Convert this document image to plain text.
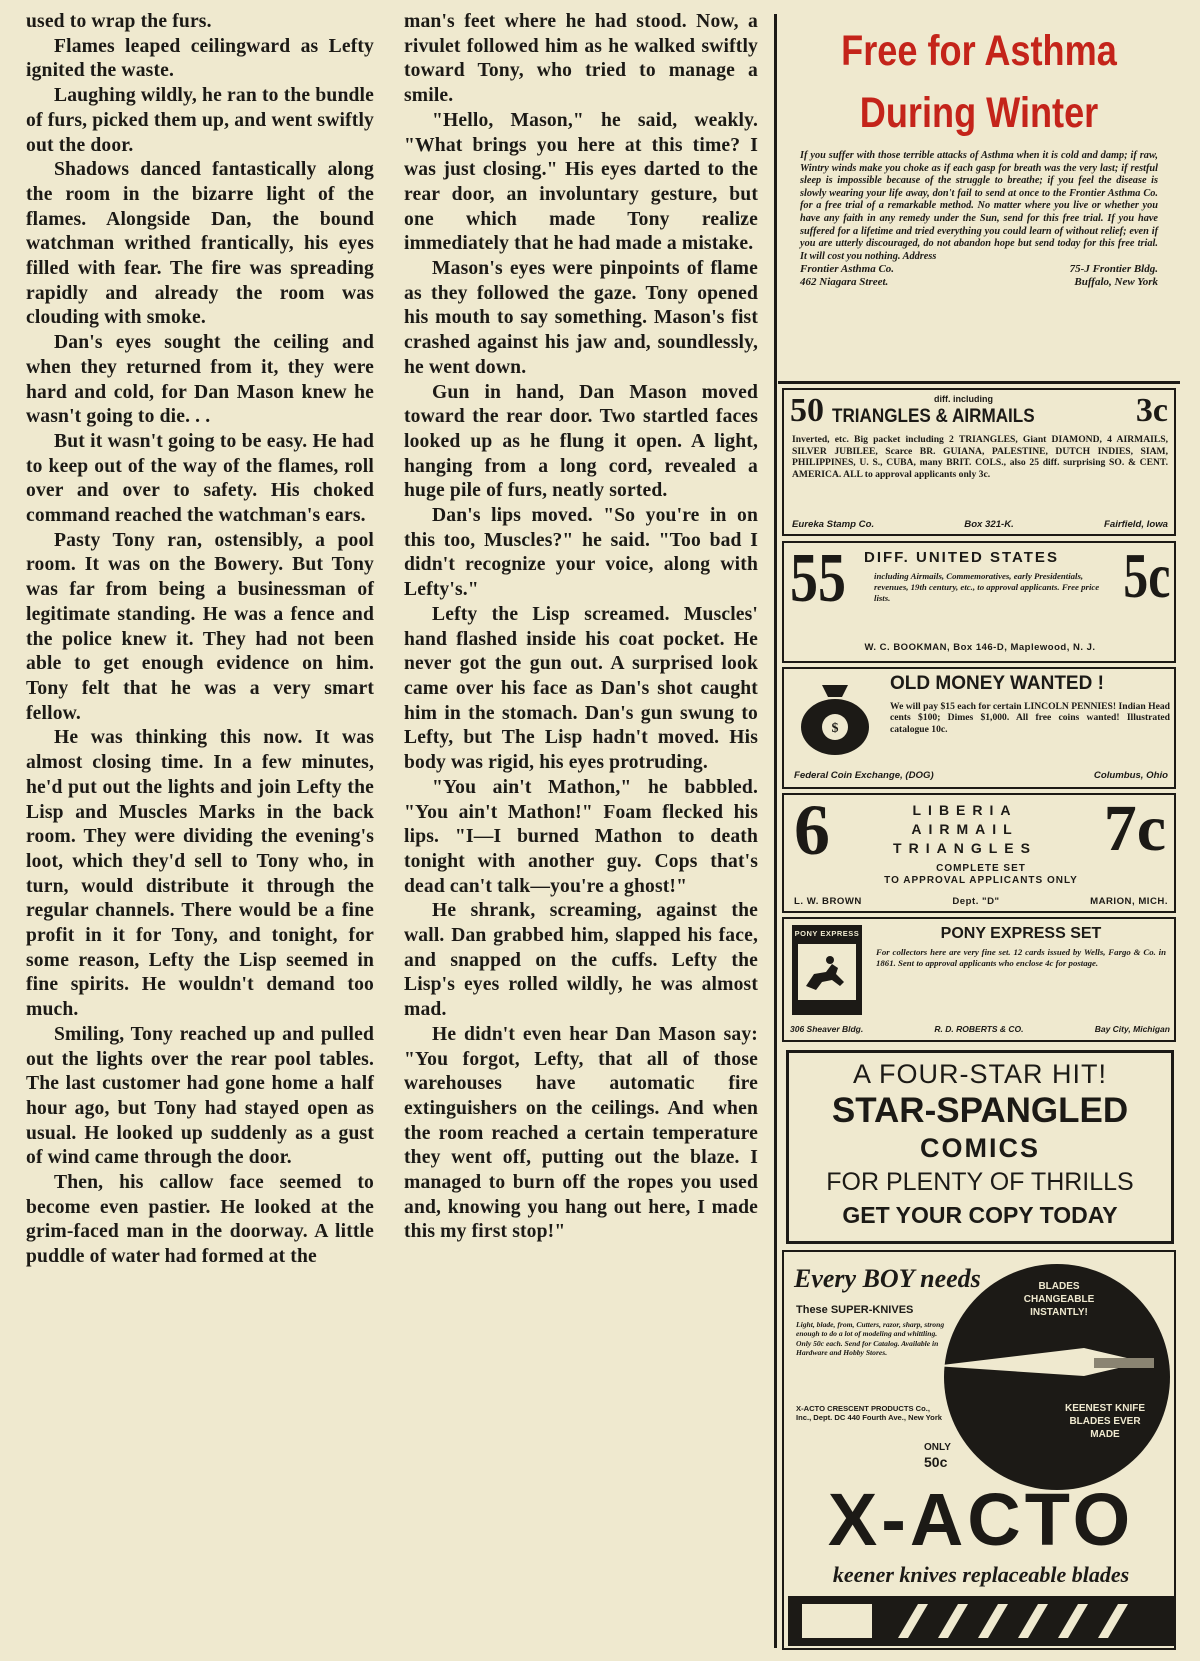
used to wrap the furs.

Flames leaped ceilingward as Lefty ignited the waste.

Laughing wildly, he ran to the bundle of furs, picked them up, and went swiftly out the door.

Shadows danced fantastically along the room in the bizarre light of the flames. Alongside Dan, the bound watchman writhed frantically, his eyes filled with fear. The fire was spreading rapidly and already the room was clouding with smoke.

Dan's eyes sought the ceiling and when they returned from it, they were hard and cold, for Dan Mason knew he wasn't going to die. . .

But it wasn't going to be easy. He had to keep out of the way of the flames, roll over and over to safety. His choked command reached the watchman's ears.

Pasty Tony ran, ostensibly, a pool room. It was on the Bowery. But Tony was far from being a businessman of legitimate standing. He was a fence and the police knew it. They had not been able to get enough evidence on him. Tony felt that he was a very smart fellow.

He was thinking this now. It was almost closing time. In a few minutes, he'd put out the lights and join Lefty the Lisp and Muscles Marks in the back room. They were dividing the evening's loot, which they'd sell to Tony who, in turn, would distribute it through the regular channels. There would be a fine profit in it for Tony, and tonight, for some reason, Lefty the Lisp seemed in fine spirits. He wouldn't demand too much.

Smiling, Tony reached up and pulled out the lights over the rear pool tables. The last customer had gone home a half hour ago, but Tony had stayed open as usual. He looked up suddenly as a gust of wind came through the door.

Then, his callow face seemed to become even pastier. He looked at the grim-faced man in the doorway. A little puddle of water had formed at the

man's feet where he had stood. Now, a rivulet followed him as he walked swiftly toward Tony, who tried to manage a smile.

"Hello, Mason," he said, weakly. "What brings you here at this time? I was just closing." His eyes darted to the rear door, an involuntary gesture, but one which made Tony realize immediately that he had made a mistake.

Mason's eyes were pinpoints of flame as they followed the gaze. Tony opened his mouth to say something. Mason's fist crashed against his jaw and, soundlessly, he went down.

Gun in hand, Dan Mason moved toward the rear door. Two startled faces looked up as he flung it open. A light, hanging from a long cord, revealed a huge pile of furs, neatly sorted.

Dan's lips moved. "So you're in on this too, Muscles?" he said. "Too bad I didn't recognize your voice, along with Lefty's."

Lefty the Lisp screamed. Muscles' hand flashed inside his coat pocket. He never got the gun out. A surprised look came over his face as Dan's shot caught him in the stomach. Dan's gun swung to Lefty, but The Lisp hadn't moved. His body was rigid, his eyes protruding.

"You ain't Mathon," he babbled. "You ain't Mathon!" Foam flecked his lips. "I—I burned Mathon to death tonight with another guy. Cops that's dead can't talk—you're a ghost!"

He shrank, screaming, against the wall. Dan grabbed him, slapped his face, and snapped on the cuffs. Lefty the Lisp's eyes rolled wildly, he was almost mad.

He didn't even hear Dan Mason say: "You forgot, Lefty, that all of those warehouses have automatic fire extinguishers on the ceilings. And when the room reached a certain temperature they went off, putting out the blaze. I managed to burn off the ropes you used and, knowing you hang out here, I made this my first stop!"

Free for Asthma
During Winter
If you suffer with those terrible attacks of Asthma when it is cold and damp; if raw, Wintry winds make you choke as if each gasp for breath was the very last; if restful sleep is impossible because of the struggle to breathe; if you feel the disease is slowly wearing your life away, don't fail to send at once to the Frontier Asthma Co. for a free trial of a remarkable method. No matter where you live or whether you have any faith in any remedy under the Sun, send for this free trial. If you have suffered for a lifetime and tried everything you could learn of without relief; even if you are utterly discouraged, do not abandon hope but send today for this free trial. It will cost you nothing. Address
Frontier Asthma Co.
462 Niagara Street.
75-J Frontier Bldg.
Buffalo, New York
50	diff. including
TRIANGLES & AIRMAILS	3c
Inverted, etc. Big packet including 2 TRIANGLES, Giant DIAMOND, 4 AIRMAILS, SILVER JUBILEE, Scarce BR. GUIANA, PALESTINE, DUTCH INDIES, SIAM, PHILIPPINES, U. S., CUBA, many BRIT. COLS., also 25 diff. surprising SO. & CENT. AMERICA. ALL to approval applicants only 3c.
Eureka Stamp Co.	Box 321-K.	Fairfield, Iowa
55 DIFF. UNITED STATES
including Airmails, Commemoratives, early Presidentials, revenues, 19th century, etc., to approval applicants. Free price lists.	5c
W. C. BOOKMAN, Box 146-D, Maplewood, N. J.
$
OLD MONEY WANTED !
We will pay $15 each for certain LINCOLN PENNIES! Indian Head cents $100; Dimes $1,000. All free coins wanted! Illustrated catalogue 10c.
Federal Coin Exchange, (DOG)	Columbus, Ohio
6	LIBERIA
AIRMAIL
TRIANGLES 7c
COMPLETE SET
TO APPROVAL APPLICANTS ONLY
L. W. BROWN	Dept. "D"	MARION, MICH.
PONY EXPRESS	PONY EXPRESS SET
For collectors here are very fine set. 12 cards issued by Wells, Fargo & Co. in 1861. Sent to approval applicants who enclose 4c for postage.
306 Sheaver Bldg.	R. D. ROBERTS & CO.	Bay City, Michigan
A FOUR-STAR HIT!
STAR-SPANGLED
COMICS
FOR PLENTY OF THRILLS
GET YOUR COPY TODAY
Every BOY needs
These SUPER-KNIVES
Light, blade, from, Cutters, razor, sharp, strong enough to do a lot of modeling and whittling. Only 50c each. Send for Catalog. Available in Hardware and Hobby Stores.
X-ACTO CRESCENT PRODUCTS Co., Inc., Dept. DC 440 Fourth Ave., New York
BLADES CHANGEABLE INSTANTLY!
KEENEST KNIFE BLADES EVER MADE
ONLY
50c
X-ACTO
keener knives replaceable blades
